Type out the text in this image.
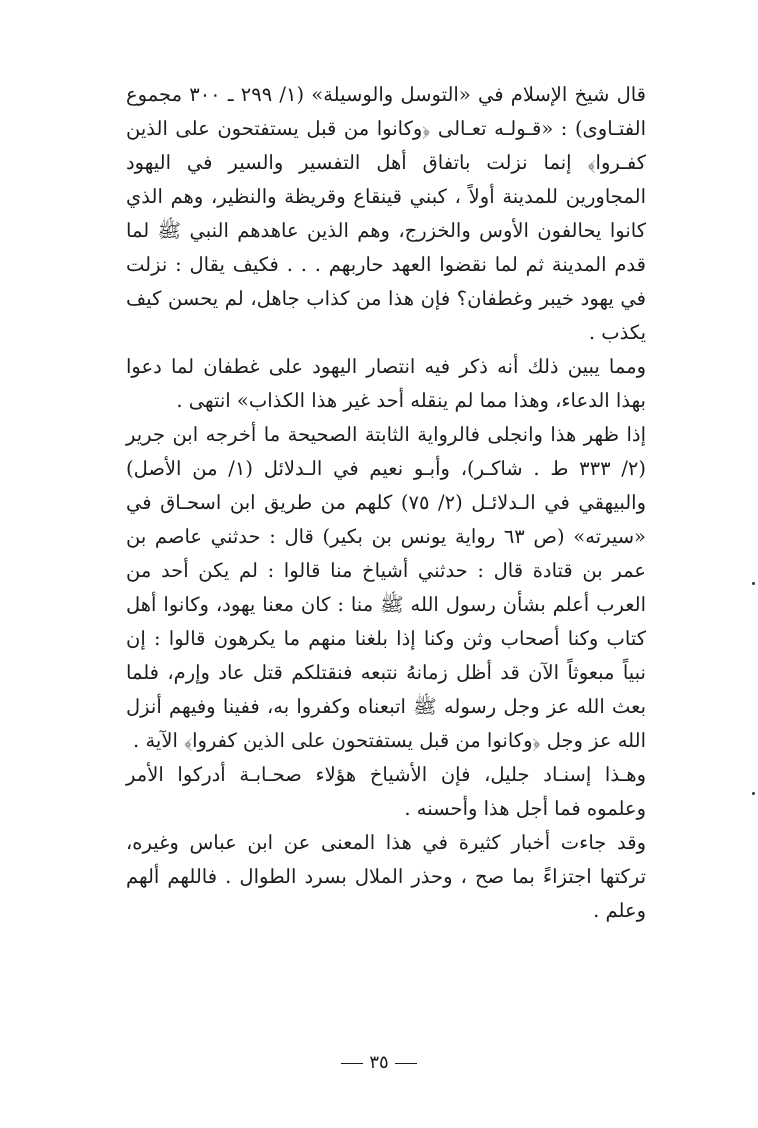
قال شيخ الإسلام في «التوسل والوسيلة» (١/ ٢٩٩ ـ ٣٠٠ مجموع الفتـاوى) : «قـولـه تعـالى ﴿وكانوا من قبل يستفتحون على الذين كفـروا﴾ إنما نزلت باتفاق أهل التفسير والسير في اليهود المجاورين للمدينة أولاً ، كبني قينقاع وقريظة والنظير، وهم الذي كانوا يحالفون الأوس والخزرج، وهم الذين عاهدهم النبي ﷺ لما قدم المدينة ثم لما نقضوا العهد حاربهم . . . فكيف يقال : نزلت في يهود خيبر وغطفان؟ فإن هذا من كذاب جاهل، لم يحسن كيف يكذب .

ومما يبين ذلك أنه ذكر فيه انتصار اليهود على غطفان لما دعوا بهذا الدعاء، وهذا مما لم ينقله أحد غير هذا الكذاب» انتهى .

إذا ظهر هذا وانجلى فالرواية الثابتة الصحيحة ما أخرجه ابن جرير (٢/ ٣٣٣ ط . شاكـر)، وأبـو نعيم في الـدلائل (١/ من الأصل) والبيهقي في الـدلائـل (٢/ ٧٥) كلهم من طريق ابن اسحـاق في «سيرته» (ص ٦٣ رواية يونس بن بكير) قال : حدثني عاصم بن عمر بن قتادة قال : حدثني أشياخ منا قالوا : لم يكن أحد من العرب أعلم بشأن رسول الله ﷺ منا : كان معنا يهود، وكانوا أهل كتاب وكنا أصحاب وثن وكنا إذا بلغنا منهم ما يكرهون قالوا : إن نبياً مبعوثاً الآن قد أظل زمانهُ نتبعه فنقتلكم قتل عاد وإرم، فلما بعث الله عز وجل رسوله ﷺ اتبعناه وكفروا به، ففينا وفيهم أنزل الله عز وجل ﴿وكانوا من قبل يستفتحون على الذين كفروا﴾ الآية .

وهـذا إسنـاد جليل، فإن الأشياخ هؤلاء صحـابـة أدركوا الأمر وعلموه فما أجل هذا وأحسنه .

وقد جاءت أخبار كثيرة في هذا المعنى عن ابن عباس وغيره، تركتها اجتزاءً بما صح ، وحذر الملال بسرد الطوال . فاللهم ألهم وعلم .

٣٥
